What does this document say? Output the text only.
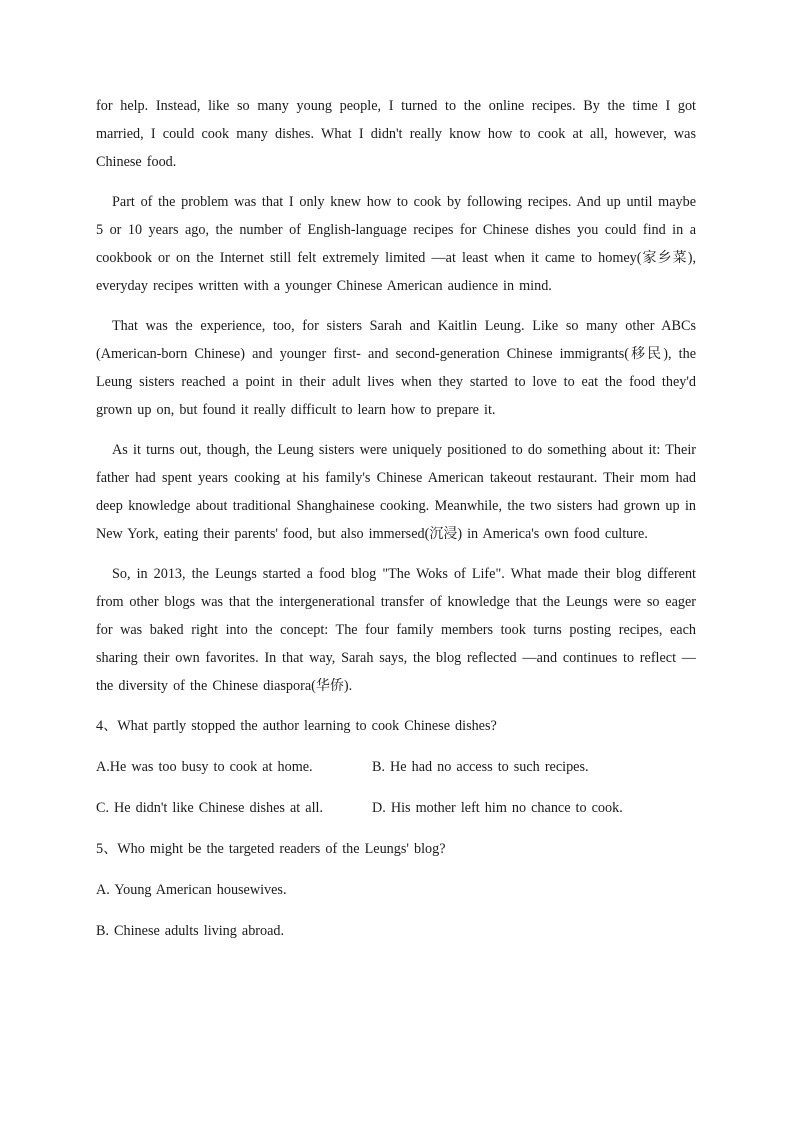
for help. Instead, like so many young people, I turned to the online recipes. By the time I got married, I could cook many dishes. What I didn't really know how to cook at all, however, was Chinese food.

Part of the problem was that I only knew how to cook by following recipes. And up until maybe 5 or 10 years ago, the number of English-language recipes for Chinese dishes you could find in a cookbook or on the Internet still felt extremely limited —at least when it came to homey(家乡菜), everyday recipes written with a younger Chinese American audience in mind.

That was the experience, too, for sisters Sarah and Kaitlin Leung. Like so many other ABCs (American-born Chinese) and younger first- and second-generation Chinese immigrants(移民), the Leung sisters reached a point in their adult lives when they started to love to eat the food they'd grown up on, but found it really difficult to learn how to prepare it.

As it turns out, though, the Leung sisters were uniquely positioned to do something about it: Their father had spent years cooking at his family's Chinese American takeout restaurant. Their mom had deep knowledge about traditional Shanghainese cooking. Meanwhile, the two sisters had grown up in New York, eating their parents' food, but also immersed(沉浸) in America's own food culture.

So, in 2013, the Leungs started a food blog "The Woks of Life". What made their blog different from other blogs was that the intergenerational transfer of knowledge that the Leungs were so eager for was baked right into the concept: The four family members took turns posting recipes, each sharing their own favorites. In that way, Sarah says, the blog reflected —and continues to reflect —the diversity of the Chinese diaspora(华侨).

4、What partly stopped the author learning to cook Chinese dishes?
A.He was too busy to cook at home.	B. He had no access to such recipes.
C. He didn't like Chinese dishes at all.	D. His mother left him no chance to cook.
5、Who might be the targeted readers of the Leungs' blog?
A. Young American housewives.
B. Chinese adults living abroad.
